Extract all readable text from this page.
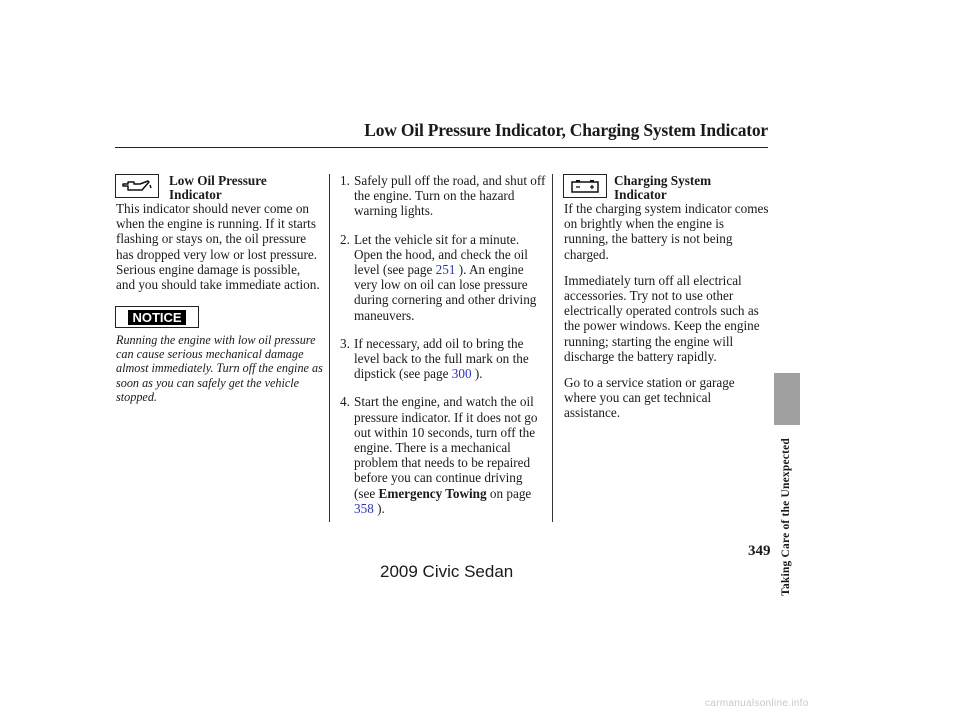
Low Oil Pressure Indicator, Charging System Indicator
Low Oil Pressure
Indicator

This indicator should never come on when the engine is running. If it starts flashing or stays on, the oil pressure has dropped very low or lost pressure. Serious engine damage is possible, and you should take immediate action.

NOTICE

Running the engine with low oil pressure can cause serious mechanical damage almost immediately. Turn off the engine as soon as you can safely get the vehicle stopped.

1. Safely pull off the road, and shut off the engine. Turn on the hazard warning lights.
2. Let the vehicle sit for a minute. Open the hood, and check the oil level (see page 251 ). An engine very low on oil can lose pressure during cornering and other driving maneuvers.
3. If necessary, add oil to bring the level back to the full mark on the dipstick (see page 300 ).
4. Start the engine, and watch the oil pressure indicator. If it does not go out within 10 seconds, turn off the engine. There is a mechanical problem that needs to be repaired before you can continue driving (see Emergency Towing on page 358 ).
Charging System
Indicator

If the charging system indicator comes on brightly when the engine is running, the battery is not being charged.

Immediately turn off all electrical accessories. Try not to use other electrically operated controls such as the power windows. Keep the engine running; starting the engine will discharge the battery rapidly.

Go to a service station or garage where you can get technical assistance.

Taking Care of the Unexpected
349
2009 Civic Sedan
carmanualsonline.info
